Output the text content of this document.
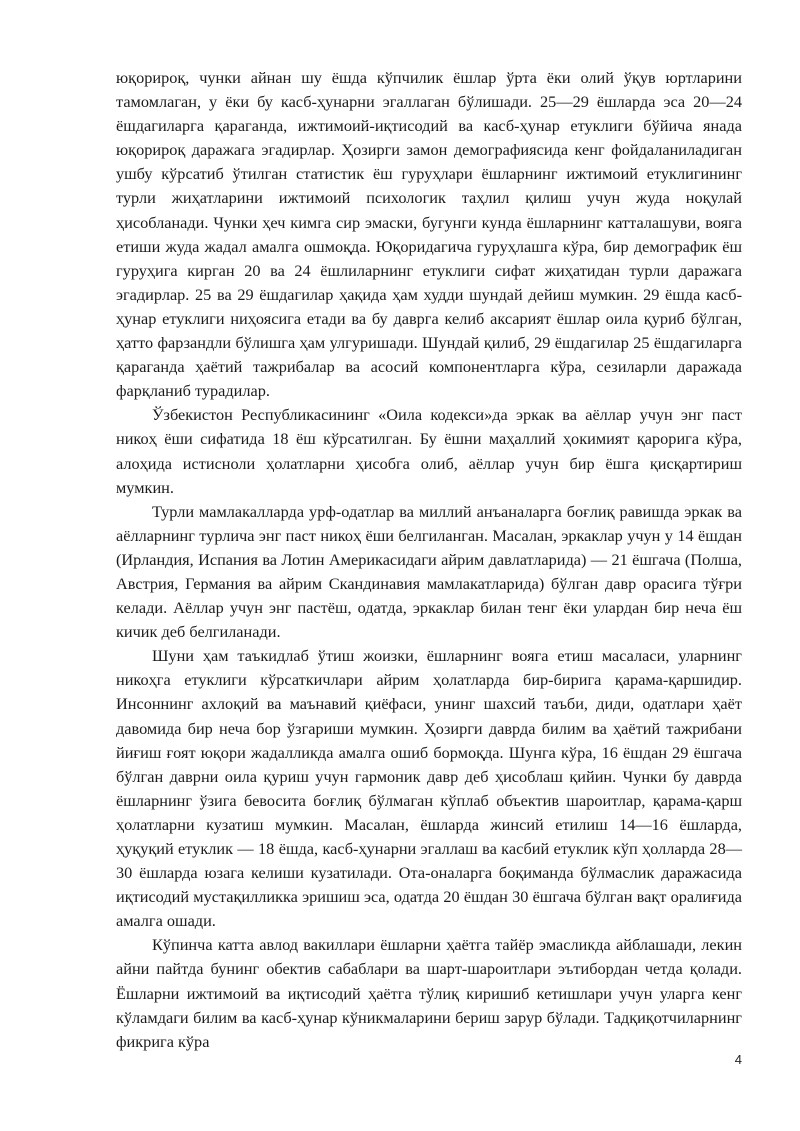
юқорироқ, чунки айнан шу ёшда кўпчилик ёшлар ўрта ёки олий ўқув юртларини тамомлаган, у ёки бу касб-ҳунарни эгаллаган бўлишади. 25—29 ёшларда эса 20—24 ёшдагиларга қараганда, ижтимоий-иқтисодий ва касб-ҳунар етуклиги бўйича янада юқорироқ даражага эгадирлар. Ҳозирги замон демографиясида кенг фойдаланиладиган ушбу кўрсатиб ўтилган статистик ёш гуруҳлари ёшларнинг ижтимоий етуклигининг турли жиҳатларини ижтимоий психологик таҳлил қилиш учун жуда ноқулай ҳисобланади. Чунки ҳеч кимга сир эмаски, бугунги кунда ёшларнинг катталашуви, вояга етиши жуда жадал амалга ошмоқда. Юқоридагича гуруҳлашга кўра, бир демографик ёш гуруҳига кирган 20 ва 24 ёшлиларнинг етуклиги сифат жиҳатидан турли даражага эгадирлар. 25 ва 29 ёшдагилар ҳақида ҳам худди шундай дейиш мумкин. 29 ёшда касб-ҳунар етуклиги ниҳоясига етади ва бу даврга келиб аксарият ёшлар оила қуриб бўлган, ҳатто фарзандли бўлишга ҳам улгуришади. Шундай қилиб, 29 ёшдагилар 25 ёшдагиларга қараганда ҳаётий тажрибалар ва асосий компонентларга кўра, сезиларли даражада фарқланиб турадилар.

Ўзбекистон Республикасининг «Оила кодекси»да эркак ва аёллар учун энг паст никоҳ ёши сифатида 18 ёш кўрсатилган. Бу ёшни маҳаллий ҳокимият қарорига кўра, алоҳида истисноли ҳолатларни ҳисобга олиб, аёллар учун бир ёшга қисқартириш мумкин.

Турли мамлакалларда урф-одатлар ва миллий анъаналарга боғлиқ равишда эркак ва аёлларнинг турлича энг паст никоҳ ёши белгиланган. Масалан, эркаклар учун у 14 ёшдан (Ирландия, Испания ва Лотин Америкасидаги айрим давлатларида) — 21 ёшгача (Полша, Австрия, Германия ва айрим Скандинавия мамлакатларида) бўлган давр орасига тўғри келади. Аёллар учун энг пастёш, одатда, эркаклар билан тенг ёки улардан бир неча ёш кичик деб белгиланади.

Шуни ҳам таъкидлаб ўтиш жоизки, ёшларнинг вояга етиш масаласи, уларнинг никоҳга етуклиги кўрсаткичлари айрим ҳолатларда бир-бирига қарама-қаршидир. Инсоннинг ахлоқий ва маънавий қиёфаси, унинг шахсий таъби, диди, одатлари ҳаёт давомида бир неча бор ўзгариши мумкин. Ҳозирги даврда билим ва ҳаётий тажрибани йиғиш ғоят юқори жадалликда амалга ошиб бормоқда. Шунга кўра, 16 ёшдан 29 ёшгача бўлган даврни оила қуриш учун гармоник давр деб ҳисоблаш қийин. Чунки бу даврда ёшларнинг ўзига бевосита боғлиқ бўлмаган кўплаб объектив шароитлар, қарама-қарш ҳолатларни кузатиш мумкин. Масалан, ёшларда жинсий етилиш 14—16 ёшларда, ҳуқуқий етуклик — 18 ёшда, касб-ҳунарни эгаллаш ва касбий етуклик кўп ҳолларда 28—30 ёшларда юзага келиши кузатилади. Ота-оналарга боқиманда бўлмаслик даражасида иқтисодий мустақилликка эришиш эса, одатда 20 ёшдан 30 ёшгача бўлган вақт оралиғида амалга ошади.

Кўпинча катта авлод вакиллари ёшларни ҳаётга тайёр эмасликда айблашади, лекин айни пайтда бунинг обектив сабаблари ва шарт-шароитлари эътибордан четда қолади. Ёшларни ижтимоий ва иқтисодий ҳаётга тўлиқ киришиб кетишлари учун уларга кенг кўламдаги билим ва касб-ҳунар кўникмаларини бериш зарур бўлади. Тадқиқотчиларнинг фикрига кўра

4
